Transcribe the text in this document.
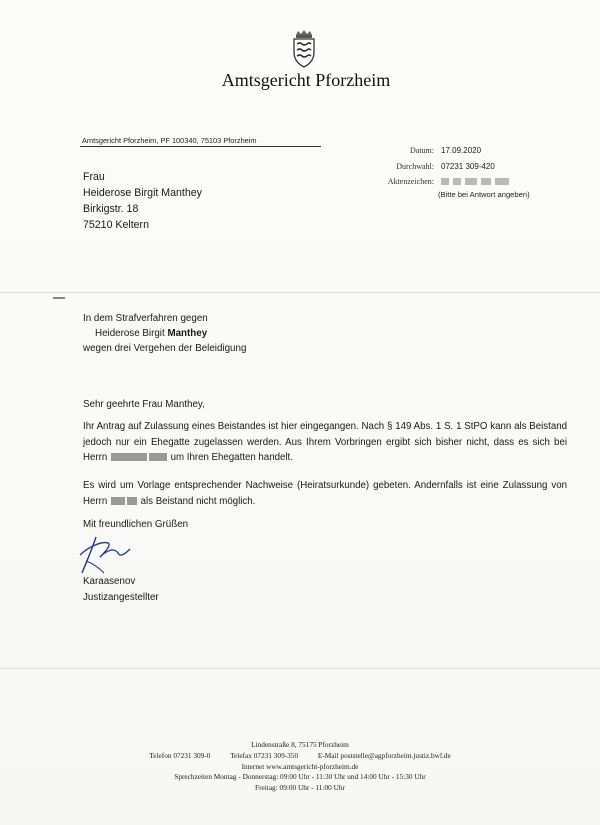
Amtsgericht Pforzheim
Amtsgericht Pforzheim, PF 100340, 75103 Pforzheim
Datum: 17.09.2020
Durchwahl: 07231 309-420
Aktenzeichen:
(Bitte bei Antwort angeben)
Frau
Heiderose Birgit Manthey
Birkigstr. 18
75210 Keltern
In dem Strafverfahren gegen
Heiderose Birgit Manthey
wegen drei Vergehen der Beleidigung
Sehr geehrte Frau Manthey,
Ihr Antrag auf Zulassung eines Beistandes ist hier eingegangen. Nach § 149 Abs. 1 S. 1 StPO kann als Beistand jedoch nur ein Ehegatte zugelassen werden. Aus Ihrem Vorbringen ergibt sich bisher nicht, dass es sich bei Herrn	um Ihren Ehegatten handelt.
Es wird um Vorlage entsprechender Nachweise (Heiratsurkunde) gebeten. Andernfalls ist eine Zulassung von Herrn	als Beistand nicht möglich.
Mit freundlichen Grüßen
Karaasenov
Justizangestellter
Lindenstraße 8, 75175 Pforzheim
Telefon 07231 309-0	Telefax 07231 309-350	E-Mail poststelle@agpforzheim.justiz.bwl.de
Internet www.amtsgericht-pforzheim.de
Sprechzeiten Montag - Donnerstag: 09:00 Uhr - 11:30 Uhr und 14:00 Uhr - 15:30 Uhr
Freitag: 09:00 Uhr - 11:00 Uhr
